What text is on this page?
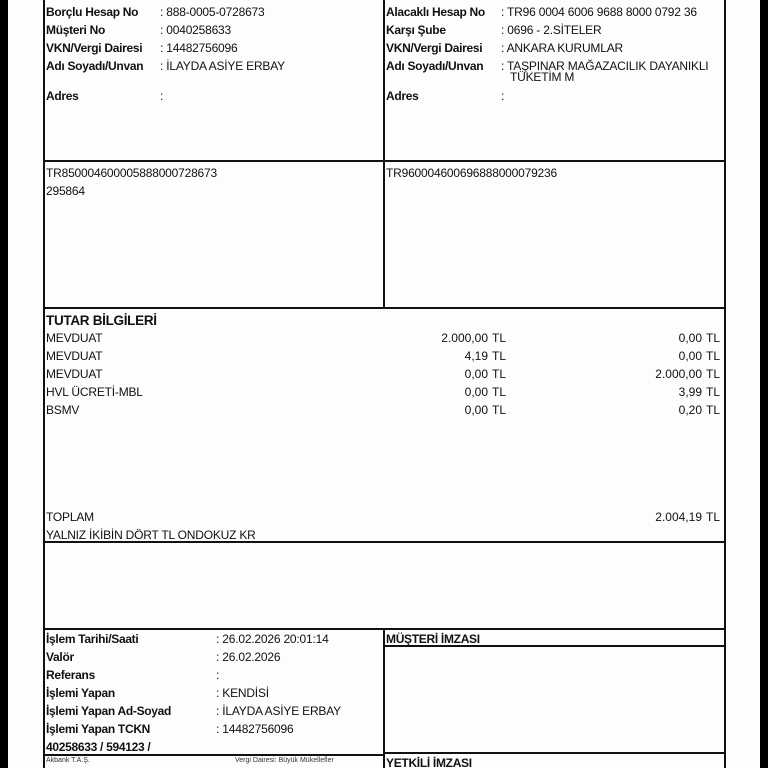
Borçlu Hesap No : 888-0005-0728673
Müşteri No	: 0040258633
VKN/Vergi Dairesi : 14482756096
Adı Soyadı/Unvan : İLAYDA ASİYE ERBAY
Adres	:
Alacaklı Hesap No : TR96 0004 6006 9688 8000 0792 36
Karşı Şube	: 0696 - 2.SİTELER
VKN/Vergi Dairesi : ANKARA KURUMLAR
Adı Soyadı/Unvan : TAŞPINAR MAĞAZACILIK DAYANIKLI
TÜKETİM M
Adres	:
TR850004600005888000728673
295864
TR960004600696888000079236
TUTAR BİLGİLERİ
MEVDUAT	2.000,00 TL	0,00 TL
MEVDUAT	4,19 TL	0,00 TL
MEVDUAT	0,00 TL	2.000,00 TL
HVL ÜCRETİ-MBL	0,00 TL	3,99 TL
BSMV	0,00 TL	0,20 TL
TOPLAM	2.004,19 TL
YALNIZ İKİBİN DÖRT TL ONDOKUZ KR
İşlem Tarihi/Saati	: 26.02.2026 20:01:14
Valör	: 26.02.2026
Referans	:
İşlemi Yapan	: KENDİSİ
İşlemi Yapan Ad-Soyad	: İLAYDA ASİYE ERBAY
İşlemi Yapan TCKN	: 14482756096
40258633 / 594123 /
MÜŞTERİ İMZASI
YETKİLİ İMZASI
Akbank T.A.Ş.	Vergi Dairesi: Büyük Mükellefler
